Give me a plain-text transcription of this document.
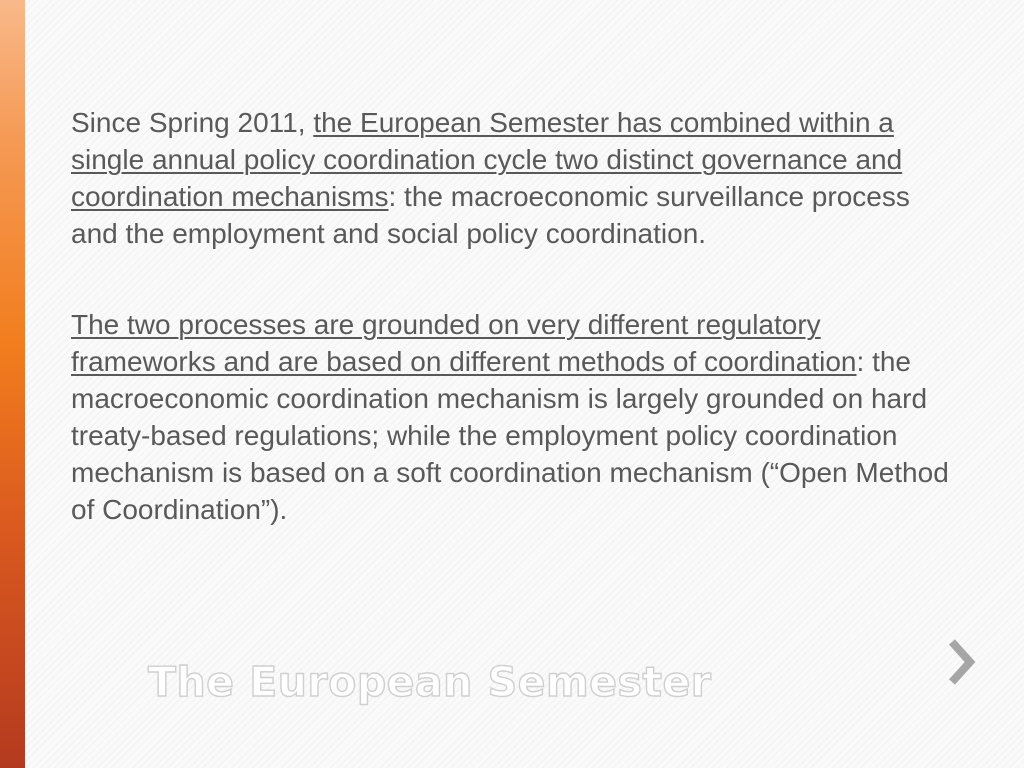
Since Spring 2011, the European Semester has combined within a single annual policy coordination cycle two distinct governance and coordination mechanisms: the macroeconomic surveillance process and the employment and social policy coordination.

The two processes are grounded on very different regulatory frameworks and are based on different methods of coordination: the macroeconomic coordination mechanism is largely grounded on hard treaty-based regulations; while the employment policy coordination mechanism is based on a soft coordination mechanism (“Open Method of Coordination”).

The European Semester
